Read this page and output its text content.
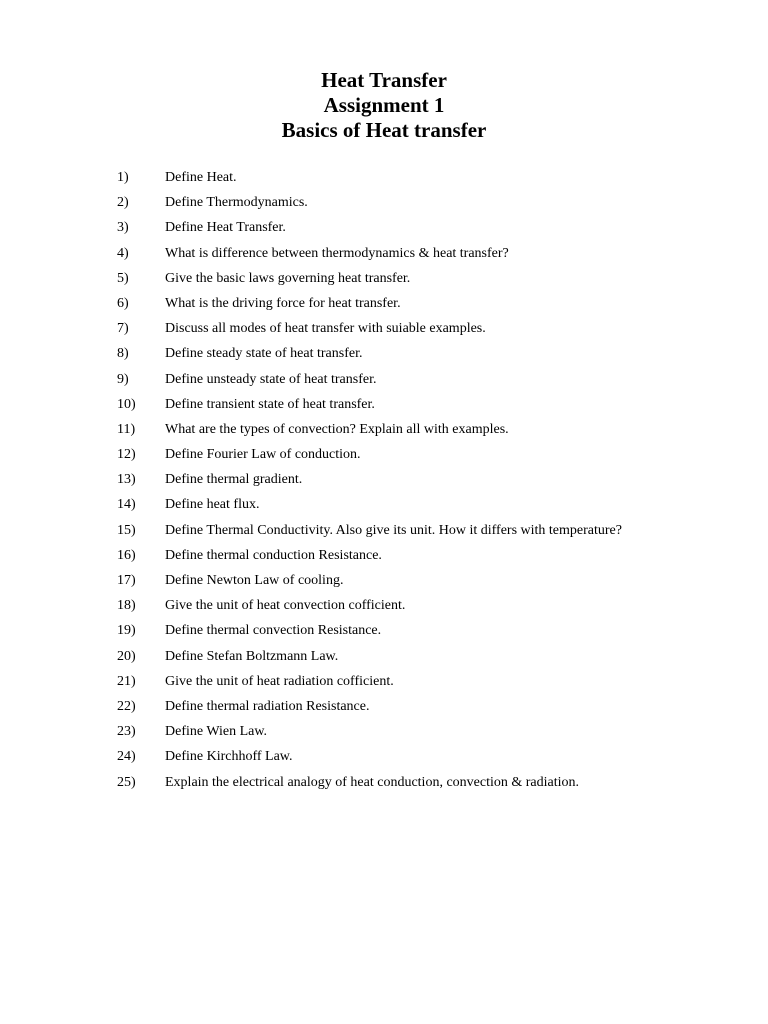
Heat Transfer
Assignment 1
Basics of Heat transfer
1)	Define Heat.
2)	Define Thermodynamics.
3)	Define Heat Transfer.
4)	What is difference between thermodynamics & heat transfer?
5)	Give the basic laws governing heat transfer.
6)	What is the driving force for heat transfer.
7)	Discuss all modes of heat transfer with suiable examples.
8)	Define steady state of heat transfer.
9)	Define unsteady state of heat transfer.
10) Define transient state of heat transfer.
11) What are the types of convection? Explain all with examples.
12) Define Fourier Law of conduction.
13) Define thermal gradient.
14) Define heat flux.
15) Define Thermal Conductivity. Also give its unit. How it differs with temperature?
16) Define thermal conduction Resistance.
17) Define Newton Law of cooling.
18) Give the unit of heat convection cofficient.
19) Define thermal convection Resistance.
20) Define Stefan Boltzmann Law.
21) Give the unit of heat radiation cofficient.
22) Define thermal radiation Resistance.
23) Define Wien Law.
24) Define Kirchhoff Law.
25) Explain the electrical analogy of heat conduction, convection & radiation.
